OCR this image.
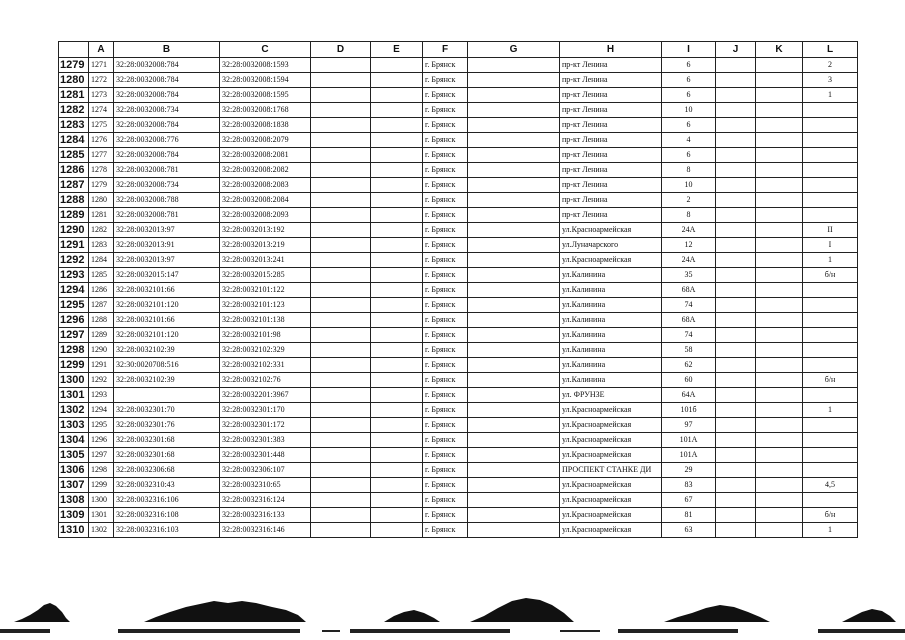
	A	B	C	D	E	F	G	H	I	J	K	L
1279	1271	32:28:0032008:784	32:28:0032008:1593			г. Брянск		пр-кт Ленина	6			2
1280	1272	32:28:0032008:784	32:28:0032008:1594			г. Брянск		пр-кт Ленина	6			3
1281	1273	32:28:0032008:784	32:28:0032008:1595			г. Брянск		пр-кт Ленина	6			1
1282	1274	32:28:0032008:734	32:28:0032008:1768			г. Брянск		пр-кт Ленина	10			
1283	1275	32:28:0032008:784	32:28:0032008:1838			г. Брянск		пр-кт Ленина	6			
1284	1276	32:28:0032008:776	32:28:0032008:2079			г. Брянск		пр-кт Ленина	4			
1285	1277	32:28:0032008:784	32:28:0032008:2081			г. Брянск		пр-кт Ленина	6			
1286	1278	32:28:0032008:781	32:28:0032008:2082			г. Брянск		пр-кт Ленина	8			
1287	1279	32:28:0032008:734	32:28:0032008:2083			г. Брянск		пр-кт Ленина	10			
1288	1280	32:28:0032008:788	32:28:0032008:2084			г. Брянск		пр-кт Ленина	2			
1289	1281	32:28:0032008:781	32:28:0032008:2093			г. Брянск		пр-кт Ленина	8			
1290	1282	32:28:0032013:97	32:28:0032013:192			г. Брянск		ул.Красноармейская	24А			II
1291	1283	32:28:0032013:91	32:28:0032013:219			г. Брянск		ул.Луначарского	12			I
1292	1284	32:28:0032013:97	32:28:0032013:241			г. Брянск		ул.Красноармейская	24А			1
1293	1285	32:28:0032015:147	32:28:0032015:285			г. Брянск		ул.Калинина	35			б/н
1294	1286	32:28:0032101:66	32:28:0032101:122			г. Брянск		ул.Калинина	68А			
1295	1287	32:28:0032101:120	32:28:0032101:123			г. Брянск		ул.Калинина	74			
1296	1288	32:28:0032101:66	32:28:0032101:138			г. Брянск		ул.Калинина	68А			
1297	1289	32:28:0032101:120	32:28:0032101:98			г. Брянск		ул.Калинина	74			
1298	1290	32:28:0032102:39	32:28:0032102:329			г. Брянск		ул.Калинина	58			
1299	1291	32:30:0020708:516	32:28:0032102:331			г. Брянск		ул.Калинина	62			
1300	1292	32:28:0032102:39	32:28:0032102:76			г. Брянск		ул.Калинина	60			б/н
1301	1293		32:28:0032201:3967			г. Брянск		ул. ФРУНЗЕ	64А			
1302	1294	32:28:0032301:70	32:28:0032301:170			г. Брянск		ул.Красноармейская	101б			1
1303	1295	32:28:0032301:76	32:28:0032301:172			г. Брянск		ул.Красноармейская	97			
1304	1296	32:28:0032301:68	32:28:0032301:383			г. Брянск		ул.Красноармейская	101А			
1305	1297	32:28:0032301:68	32:28:0032301:448			г. Брянск		ул.Красноармейская	101А			
1306	1298	32:28:0032306:68	32:28:0032306:107			г. Брянск		ПРОСПЕКТ СТАНКЕ ДИ	29			
1307	1299	32:28:0032310:43	32:28:0032310:65			г. Брянск		ул.Красноармейская	83			4,5
1308	1300	32:28:0032316:106	32:28:0032316:124			г. Брянск		ул.Красноармейская	67			
1309	1301	32:28:0032316:108	32:28:0032316:133			г. Брянск		ул.Красноармейская	81			б/н
1310	1302	32:28:0032316:103	32:28:0032316:146			г. Брянск		ул.Красноармейская	63			1
